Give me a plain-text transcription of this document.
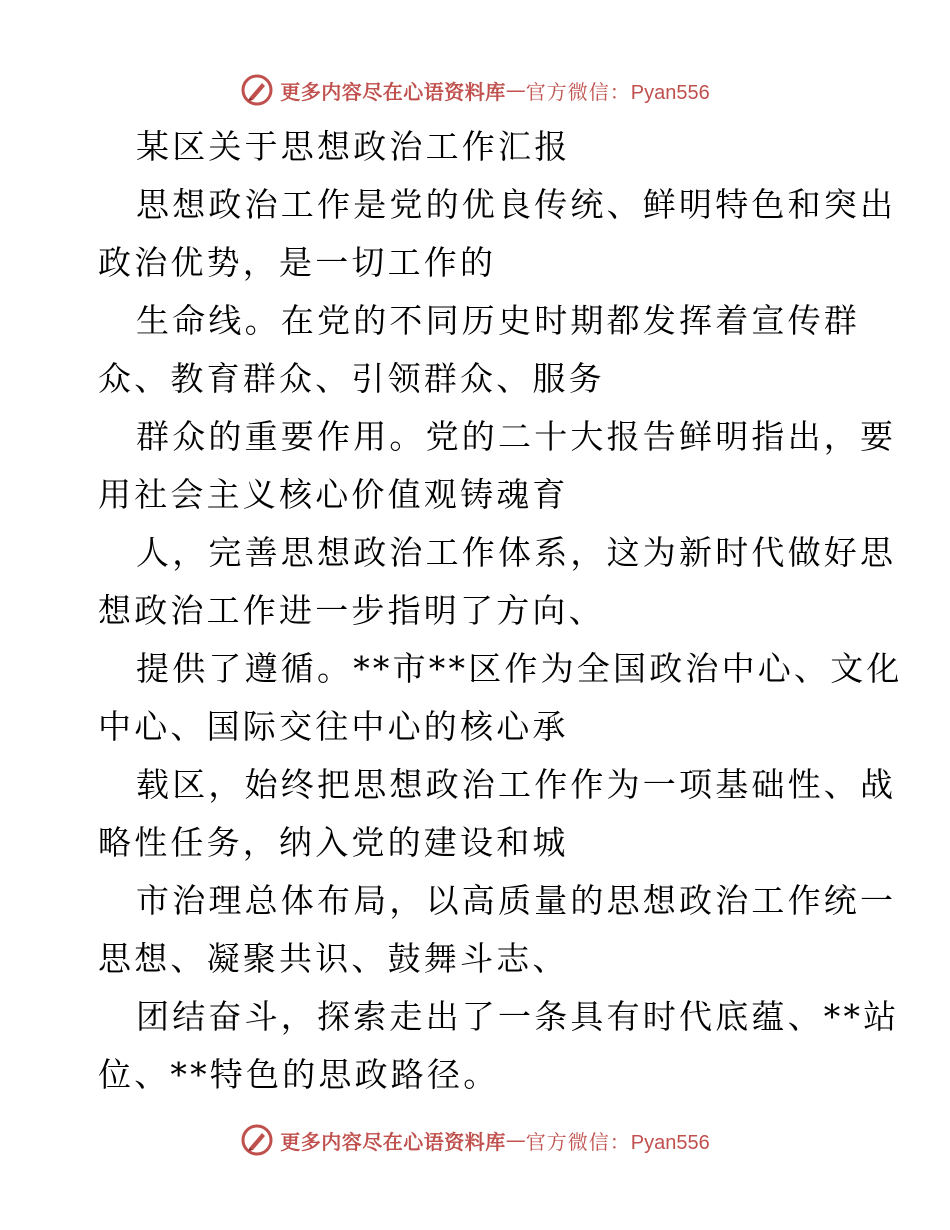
更多内容尽在心语资料库 — 官方微信：Pyan556
某区关于思想政治工作汇报
思想政治工作是党的优良传统、鲜明特色和突出
政治优势，是一切工作的
生命线。在党的不同历史时期都发挥着宣传群
众、教育群众、引领群众、服务
群众的重要作用。党的二十大报告鲜明指出，要
用社会主义核心价值观铸魂育
人，完善思想政治工作体系，这为新时代做好思
想政治工作进一步指明了方向、
提供了遵循。**市**区作为全国政治中心、文化
中心、国际交往中心的核心承
载区，始终把思想政治工作作为一项基础性、战
略性任务，纳入党的建设和城
市治理总体布局，以高质量的思想政治工作统一
思想、凝聚共识、鼓舞斗志、
团结奋斗，探索走出了一条具有时代底蕴、**站
位、**特色的思政路径。
更多内容尽在心语资料库 — 官方微信：Pyan556
